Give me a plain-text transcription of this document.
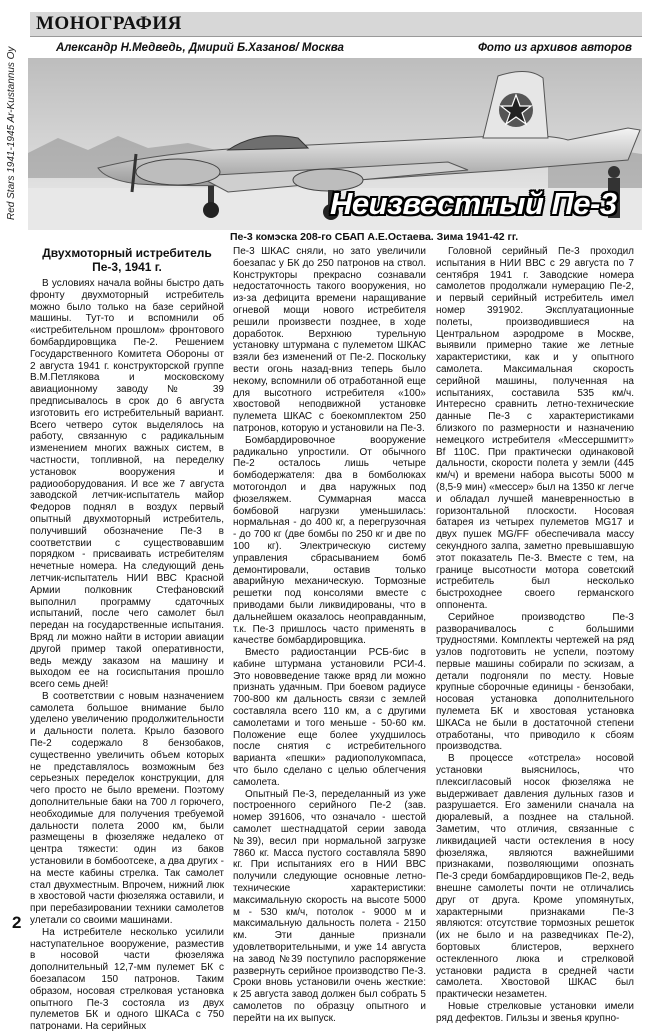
МОНОГРАФИЯ
Александр Н.Медведь, Дмирий Б.Хазанов/ Москва	Фото из архивов авторов
Red Stars 1941-1945 Ar-Kustannus Oy	Неизвестный Пе-3
Пе-3 комэска 208-го СБАП А.Е.Остаева. Зима 1941-42 гг.
Двухмоторный истребитель Пе-3, 1941 г.

В условиях начала войны быстро дать фронту двухмоторный истребитель можно было только на базе серийной машины. Тут-то и вспомнили об «истребительном прошлом» фронтового бомбардировщика Пе-2. Решением Государственного Комитета Обороны от 2 августа 1941 г. конструкторской группе В.М.Петлякова и московскому авиационному заводу № 39 предписывалось в срок до 6 августа изготовить его истребительный вариант. Всего четверо суток выделялось на работу, связанную с радикальным изменением многих важных систем, в частности, топливной, на переделку установок вооружения и радиооборудования. И все же 7 августа заводской летчик-испытатель майор Федоров поднял в воздух первый опытный двухмоторный истребитель, получивший обозначение Пе-3 в соответствии с существовавшим порядком - присваивать истребителям нечетные номера. На следующий день летчик-испытатель НИИ ВВС Красной Армии полковник Стефановский выполнил программу сдаточных испытаний, после чего самолет был передан на государственные испытания. Вряд ли можно найти в истории авиации другой пример такой оперативности, ведь между заказом на машину и выходом ее на госиспытания прошло всего семь дней!

В соответствии с новым назначением самолета большое внимание было уделено увеличению продолжительности и дальности полета. Крыло базового Пе-2 содержало 8 бензобаков, существенно увеличить объем которых не представлялось возможным без серьезных переделок конструкции, для чего просто не было времени. Поэтому дополнительные баки на 700 л горючего, необходимые для получения требуемой дальности полета 2000 км, были размещены в фюзеляже недалеко от центра тяжести: один из баков установили в бомбоотсеке, а два других - на месте кабины стрелка. Так самолет стал двухместным. Впрочем, нижний люк в хвостовой части фюзеляжа оставили, и при перебазировании техники самолетов улетали со своими машинами.

На истребителе несколько усилили наступательное вооружение, разместив в носовой части фюзеляжа дополнительный 12,7-мм пулемет БК с боезапасом 150 патронов. Таким образом, носовая стрелковая установка опытного Пе-3 состояла из двух пулеметов БК и одного ШКАСа с 750 патронами. На серийных

Пе-3 ШКАС сняли, но зато увеличили боезапас у БК до 250 патронов на ствол. Конструкторы прекрасно сознавали недостаточность такого вооружения, но из-за дефицита времени наращивание огневой мощи нового истребителя решили произвести позднее, в ходе доработок. Верхнюю турельную установку штурмана с пулеметом ШКАС взяли без изменений от Пе-2. Поскольку вести огонь назад-вниз теперь было некому, вспомнили об отработанной еще для высотного истребителя «100» хвостовой неподвижной установке пулемета ШКАС с боекомплектом 250 патронов, которую и установили на Пе-3.

Бомбардировочное вооружение радикально упростили. От обычного Пе-2 осталось лишь четыре бомбодержателя: два в бомболюках мотогондол и два наружных под фюзеляжем. Суммарная масса бомбовой нагрузки уменьшилась: нормальная - до 400 кг, а перегрузочная - до 700 кг (две бомбы по 250 кг и две по 100 кг). Электрическую систему управления сбрасыванием бомб демонтировали, оставив только аварийную механическую. Тормозные решетки под консолями вместе с приводами были ликвидированы, что в дальнейшем оказалось неоправданным, т.к. Пе-3 пришлось часто применять в качестве бомбардировщика.

Вместо радиостанции РСБ-бис в кабине штурмана установили РСИ-4. Это нововведение также вряд ли можно признать удачным. При боевом радиусе 700-800 км дальность связи с землей составляла всего 110 км, а с другими самолетами и того меньше - 50-60 км. Положение еще более ухудшилось после снятия с истребительного варианта «пешки» радиополукомпаса, что было сделано с целью облегчения самолета.

Опытный Пе-3, переделанный из уже построенного серийного Пе-2 (зав. номер 391606, что означало - шестой самолет шестнадцатой серии завода №39), весил при нормальной загрузке 7860 кг. Масса пустого составляла 5890 кг. При испытаниях его в НИИ ВВС получили следующие основные летно-технические характеристики: максимальную скорость на высоте 5000 м - 530 км/ч, потолок - 9000 м и максимальную дальность полета - 2150 км. Эти данные признали удовлетворительными, и уже 14 августа на завод №39 поступило распоряжение развернуть серийное производство Пе-3. Сроки вновь установили очень жесткие: к 25 августа завод должен был собрать 5 самолетов по образцу опытного и перейти на их выпуск.

Головной серийный Пе-3 проходил испытания в НИИ ВВС с 29 августа по 7 сентября 1941 г. Заводские номера самолетов продолжали нумерацию Пе-2, и первый серийный истребитель имел номер 391902. Эксплуатационные полеты, производившиеся на Центральном аэродроме в Москве, выявили примерно такие же летные характеристики, как и у опытного самолета. Максимальная скорость серийной машины, полученная на испытаниях, составила 535 км/ч. Интересно сравнить летно-технические данные Пе-3 с характеристиками близкого по размерности и назначению немецкого истребителя «Мессершмитт» Bf 110C. При практически одинаковой дальности, скорости полета у земли (445 км/ч) и времени набора высоты 5000 м (8,5-9 мин) «мессер» был на 1350 кг легче и обладал лучшей маневренностью в горизонтальной плоскости. Носовая батарея из четырех пулеметов MG17 и двух пушек MG/FF обеспечивала массу секундного залпа, заметно превышавшую этот показатель Пе-3. Вместе с тем, на границе высотности мотора советский истребитель был несколько быстроходнее своего германского оппонента.

Серийное производство Пе-3 разворачивалось с большими трудностями. Комплекты чертежей на ряд узлов подготовить не успели, поэтому первые машины собирали по эскизам, а детали подгоняли по месту. Новые крупные сборочные единицы - бензобаки, носовая установка дополнительного пулемета БК и хвостовая установка ШКАСа не были в достаточной степени отработаны, что приводило к сбоям производства.

В процессе «отстрела» носовой установки выяснилось, что плексигласовый носок фюзеляжа не выдерживает давления дульных газов и разрушается. Его заменили сначала на дюралевый, а позднее на стальной. Заметим, что отличия, связанные с ликвидацией части остекления в носу фюзеляжа, являются важнейшими признаками, позволяющими опознать Пе-3 среди бомбардировщиков Пе-2, ведь внешне самолеты почти не отличались друг от друга. Кроме упомянутых, характерными признаками Пе-3 являются: отсутствие тормозных решеток (их не было и на разведчиках Пе-2), бортовых блистеров, верхнего остекленного люка и стрелковой установки радиста в средней части самолета. Хвостовой ШКАС был практически незаметен.

Новые стрелковые установки имели ряд дефектов. Гильзы и звенья крупно-

2
